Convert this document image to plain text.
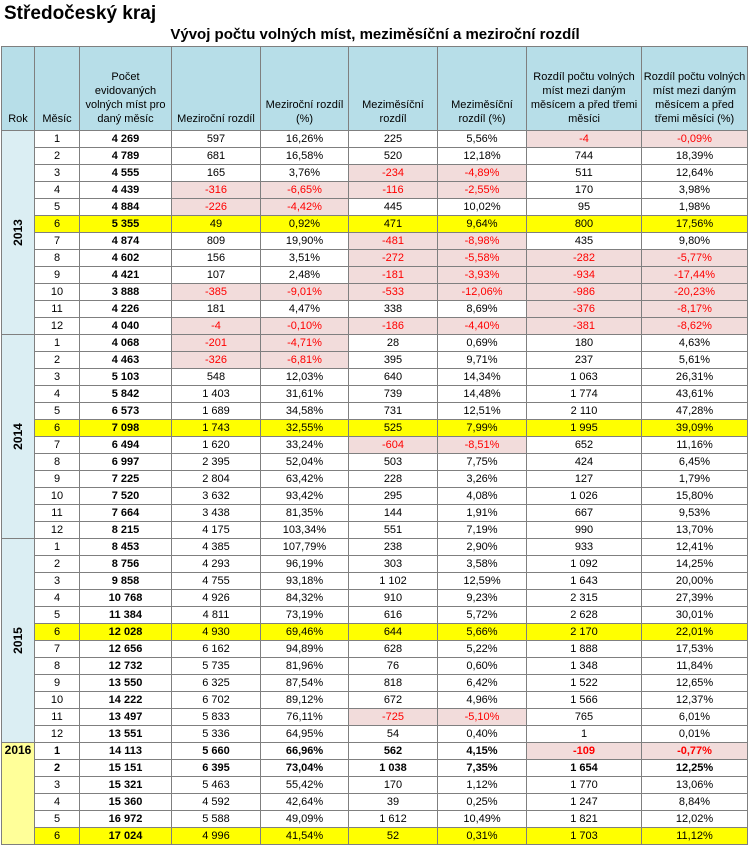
Středočeský kraj
Vývoj počtu volných míst, meziměsíční a meziroční rozdíl
Rok	Měsíc	Počet evidovaných volných míst pro daný měsíc	Meziroční rozdíl	Meziroční rozdíl (%)	Meziměsíční rozdíl	Meziměsíční rozdíl (%)	Rozdíl počtu volných míst mezi daným měsícem a před třemi měsíci	Rozdíl počtu volných míst mezi daným měsícem a před třemi měsíci (%)
2013	1	4 269	597	16,26%	225	5,56%	-4	-0,09%
	2	4 789	681	16,58%	520	12,18%	744	18,39%
	3	4 555	165	3,76%	-234	-4,89%	511	12,64%
	4	4 439	-316	-6,65%	-116	-2,55%	170	3,98%
	5	4 884	-226	-4,42%	445	10,02%	95	1,98%
	6	5 355	49	0,92%	471	9,64%	800	17,56%
	7	4 874	809	19,90%	-481	-8,98%	435	9,80%
	8	4 602	156	3,51%	-272	-5,58%	-282	-5,77%
	9	4 421	107	2,48%	-181	-3,93%	-934	-17,44%
	10	3 888	-385	-9,01%	-533	-12,06%	-986	-20,23%
	11	4 226	181	4,47%	338	8,69%	-376	-8,17%
	12	4 040	-4	-0,10%	-186	-4,40%	-381	-8,62%
2014	1	4 068	-201	-4,71%	28	0,69%	180	4,63%
	2	4 463	-326	-6,81%	395	9,71%	237	5,61%
	3	5 103	548	12,03%	640	14,34%	1 063	26,31%
	4	5 842	1 403	31,61%	739	14,48%	1 774	43,61%
	5	6 573	1 689	34,58%	731	12,51%	2 110	47,28%
	6	7 098	1 743	32,55%	525	7,99%	1 995	39,09%
	7	6 494	1 620	33,24%	-604	-8,51%	652	11,16%
	8	6 997	2 395	52,04%	503	7,75%	424	6,45%
	9	7 225	2 804	63,42%	228	3,26%	127	1,79%
	10	7 520	3 632	93,42%	295	4,08%	1 026	15,80%
	11	7 664	3 438	81,35%	144	1,91%	667	9,53%
	12	8 215	4 175	103,34%	551	7,19%	990	13,70%
2015	1	8 453	4 385	107,79%	238	2,90%	933	12,41%
	2	8 756	4 293	96,19%	303	3,58%	1 092	14,25%
	3	9 858	4 755	93,18%	1 102	12,59%	1 643	20,00%
	4	10 768	4 926	84,32%	910	9,23%	2 315	27,39%
	5	11 384	4 811	73,19%	616	5,72%	2 628	30,01%
	6	12 028	4 930	69,46%	644	5,66%	2 170	22,01%
	7	12 656	6 162	94,89%	628	5,22%	1 888	17,53%
	8	12 732	5 735	81,96%	76	0,60%	1 348	11,84%
	9	13 550	6 325	87,54%	818	6,42%	1 522	12,65%
	10	14 222	6 702	89,12%	672	4,96%	1 566	12,37%
	11	13 497	5 833	76,11%	-725	-5,10%	765	6,01%
	12	13 551	5 336	64,95%	54	0,40%	1	0,01%
2016	1	14 113	5 660	66,96%	562	4,15%	-109	-0,77%
	2	15 151	6 395	73,04%	1 038	7,35%	1 654	12,25%
	3	15 321	5 463	55,42%	170	1,12%	1 770	13,06%
	4	15 360	4 592	42,64%	39	0,25%	1 247	8,84%
	5	16 972	5 588	49,09%	1 612	10,49%	1 821	12,02%
	6	17 024	4 996	41,54%	52	0,31%	1 703	11,12%
